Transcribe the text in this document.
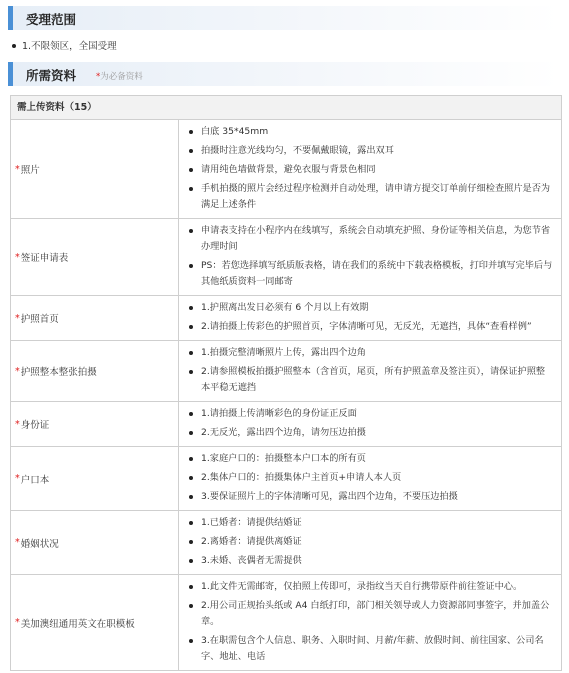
受理范围
1.不限领区，全国受理
所需资料 *为必备资料
需上传资料（15）
* 照片
白底 35*45mm
拍摄时注意光线均匀，不要佩戴眼镜，露出双耳
请用纯色墙做背景，避免衣服与背景色相同
手机拍摄的照片会经过程序检测并自动处理，请申请方提交订单前仔细检查照片是否为满足上述条件
* 签证申请表
申请表支持在小程序内在线填写，系统会自动填充护照、身份证等相关信息，为您节省办理时间
PS：若您选择填写纸质版表格，请在我们的系统中下载表格模板，打印并填写完毕后与其他纸质资料一同邮寄
* 护照首页
1.护照离出发日必须有 6 个月以上有效期
2.请拍摄上传彩色的护照首页，字体清晰可见，无反光，无遮挡，具体“查看样例”
* 护照整本整张拍摄
1.拍摄完整清晰照片上传，露出四个边角
2.请参照模板拍摄护照整本（含首页，尾页，所有护照盖章及签注页），请保证护照整本平稳无遮挡
* 身份证
1.请拍摄上传清晰彩色的身份证正反面
2.无反光，露出四个边角，请勿压边拍摄
* 户口本
1.家庭户口的：拍摄整本户口本的所有页
2.集体户口的：拍摄集体户主首页+申请人本人页
3.要保证照片上的字体清晰可见，露出四个边角，不要压边拍摄
* 婚姻状况
1.已婚者：请提供结婚证
2.离婚者：请提供离婚证
3.未婚、丧偶者无需提供
* 美加澳纽通用英文在职模板
1.此文件无需邮寄，仅拍照上传即可，录指纹当天自行携带原件前往签证中心。
2.用公司正规抬头纸或 A4 白纸打印，部门相关领导或人力资源部同事签字，并加盖公章。
3.在职需包含个人信息、职务、入职时间、月薪/年薪、放假时间、前往国家、公司名字、地址、电话
